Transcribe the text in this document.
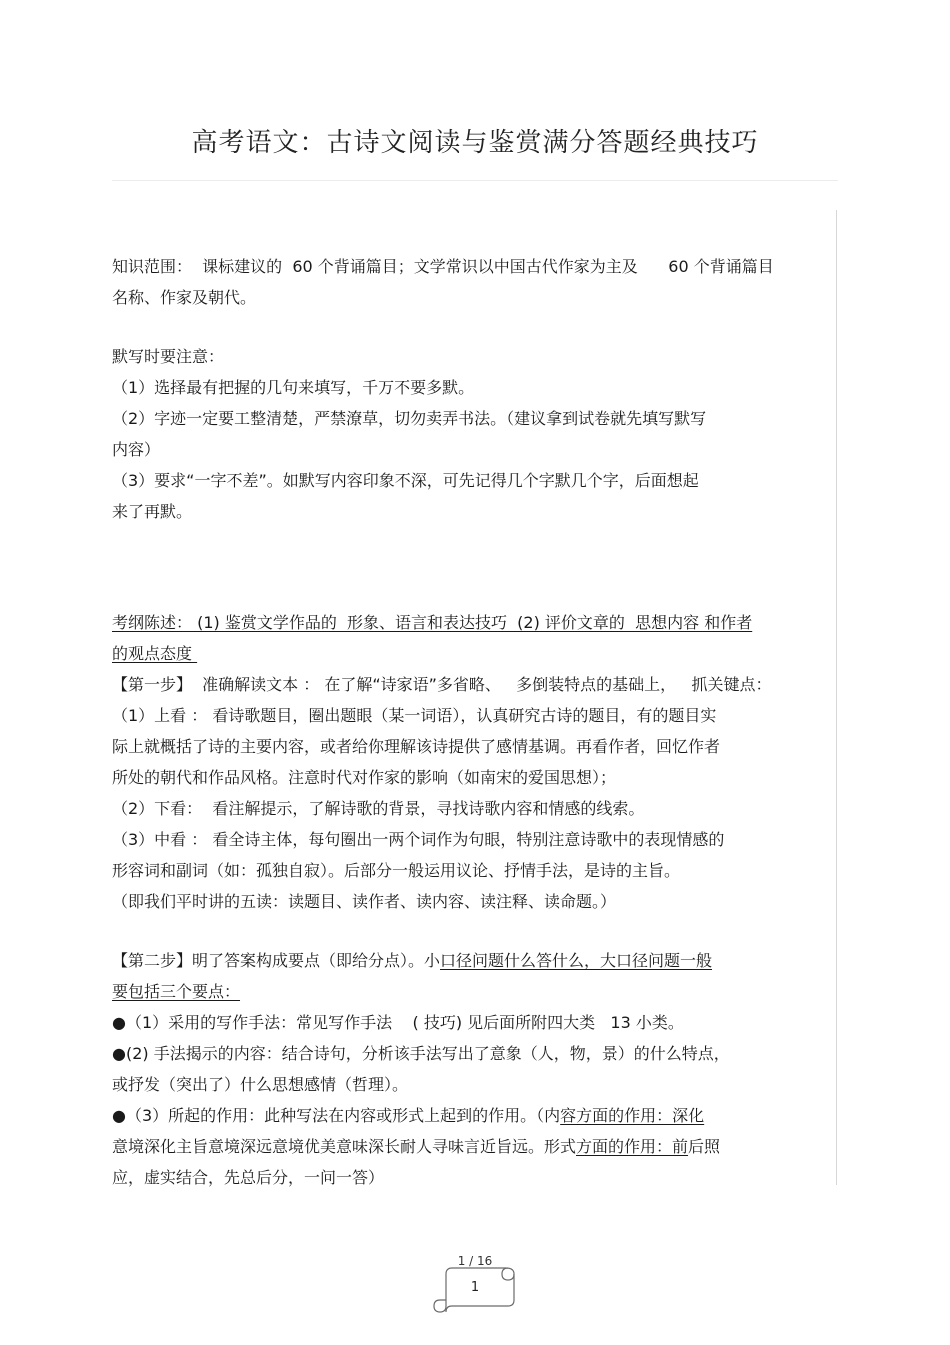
高考语文：古诗文阅读与鉴赏满分答题经典技巧

知识范围：  课标建议的  60 个背诵篇目；文学常识以中国古代作家为主及      60 个背诵篇目
名称、作家及朝代。

默写时要注意：
（1）选择最有把握的几句来填写，千万不要多默。
（2）字迹一定要工整清楚，严禁潦草，切勿卖弄书法。（建议拿到试卷就先填写默写
内容）
（3）要求“一字不差”。如默写内容印象不深，可先记得几个字默几个字，后面想起
来了再默。

考纲陈述： (1) 鉴赏文学作品的  形象、语言和表达技巧  (2) 评价文章的  思想内容 和作者
的观点态度

【第一步】  准确解读文本 ： 在了解“诗家语”多省略、   多倒装特点的基础上，   抓关键点：
（1）上看 ： 看诗歌题目，圈出题眼（某一词语），认真研究古诗的题目，有的题目实
际上就概括了诗的主要内容，或者给你理解该诗提供了感情基调。再看作者，回忆作者
所处的朝代和作品风格。注意时代对作家的影响（如南宋的爱国思想）；
（2）下看：  看注解提示，了解诗歌的背景，寻找诗歌内容和情感的线索。
（3）中看 ： 看全诗主体，每句圈出一两个词作为句眼，特别注意诗歌中的表现情感的
形容词和副词（如：孤独自寂）。后部分一般运用议论、抒情手法，是诗的主旨。
（即我们平时讲的五读：读题目、读作者、读内容、读注释、读命题。）

【第二步】明了答案构成要点（即给分点）。小口径问题什么答什么，大口径问题一般
要包括三个要点：
●（1）采用的写作手法：常见写作手法    ( 技巧) 见后面所附四大类   13 小类。
●(2) 手法揭示的内容：结合诗句，分析该手法写出了意象（人，物，景）的什么特点，
或抒发（突出了）什么思想感情（哲理）。
●（3）所起的作用：此种写法在内容或形式上起到的作用。（内容方面的作用：深化
意境深化主旨意境深远意境优美意味深长耐人寻味言近旨远。形式方面的作用：前后照
应，虚实结合，先总后分，一问一答）

1 / 16
1
